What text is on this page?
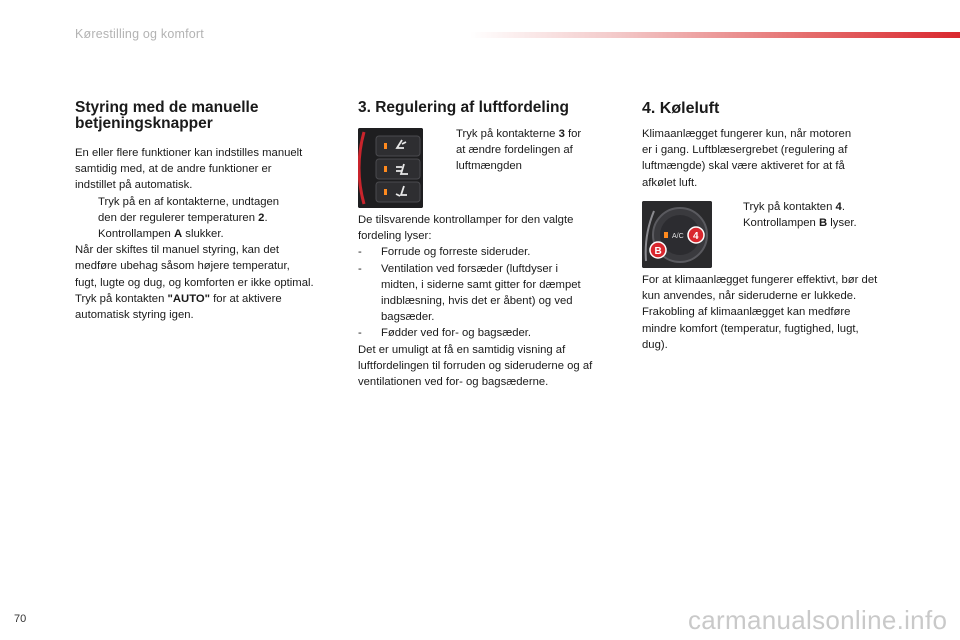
Kørestilling og komfort
Styring med de manuelle
betjeningsknapper

En eller flere funktioner kan indstilles manuelt

samtidig med, at de andre funktioner er

indstillet på automatisk.

Tryk på en af kontakterne, undtagen
den der regulerer temperaturen 2.
Kontrollampen A slukker.

Når der skiftes til manuel styring, kan det

medføre ubehag såsom højere temperatur,

fugt, lugte og dug, og komforten er ikke optimal.

Tryk på kontakten "AUTO" for at aktivere

automatisk styring igen.

3. Regulering af luftfordeling
Tryk på kontakterne 3 for
at ændre fordelingen af
luftmængden

De tilsvarende kontrollamper for den valgte

fordeling lyser:

-	Forrude og forreste sideruder.
-	Ventilation ved forsæder (luftdyser i
midten, i siderne samt gitter for dæmpet
indblæsning, hvis det er åbent) og ved
bagsæder.
-	Fødder ved for- og bagsæder.

Det er umuligt at få en samtidig visning af

luftfordelingen til forruden og sideruderne og af

ventilationen ved for- og bagsæderne.

4. Køleluft

Klimaanlægget fungerer kun, når motoren

er i gang. Luftblæsergrebet (regulering af

luftmængde) skal være aktiveret for at få

afkølet luft.

A/C
B
4
Tryk på kontakten 4.
Kontrollampen B lyser.

For at klimaanlægget fungerer effektivt, bør det

kun anvendes, når sideruderne er lukkede.

Frakobling af klimaanlægget kan medføre

mindre komfort (temperatur, fugtighed, lugt,

dug).

70	carmanualsonline.info
